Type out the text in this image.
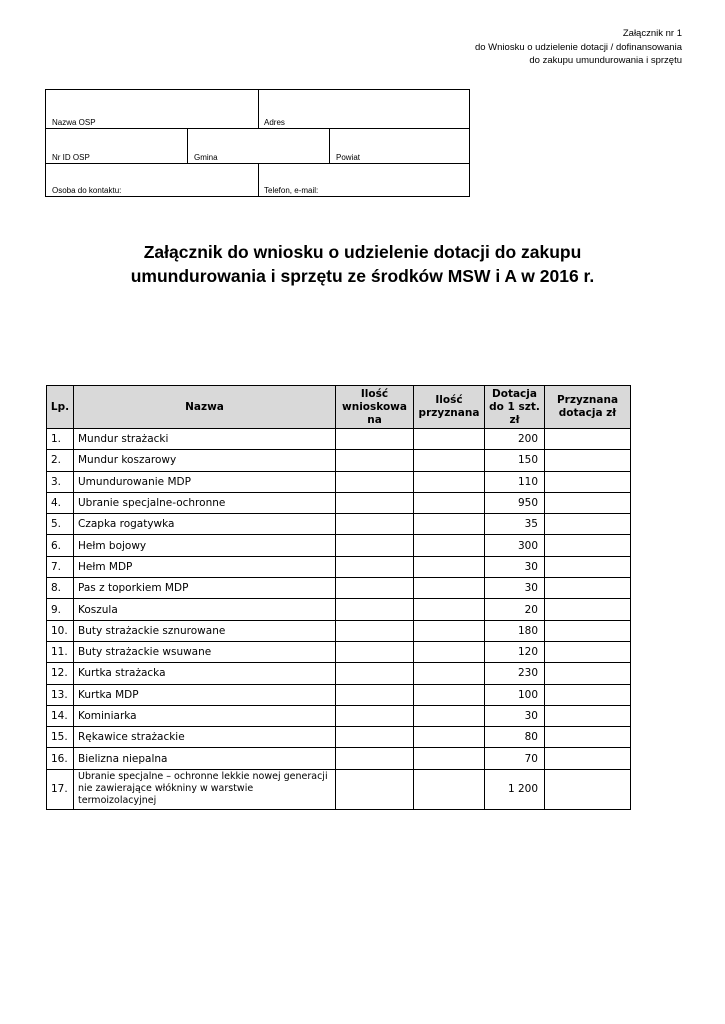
Załącznik nr 1
do Wniosku o udzielenie dotacji / dofinansowania
do zakupu umundurowania i sprzętu
Nazwa OSP	Adres
Nr ID OSP	Gmina	Powiat
Osoba do kontaktu:	Telefon, e-mail:
Załącznik do wniosku o udzielenie dotacji do zakupu
umundurowania i sprzętu ze środków MSW i A w 2016 r.
Lp.	Nazwa	Ilość wnioskowa na	Ilość przyznana	Dotacja do 1 szt. zł	Przyznana dotacja zł
1.	Mundur strażacki			200	
2.	Mundur koszarowy			150	
3.	Umundurowanie MDP			110	
4.	Ubranie specjalne-ochronne			950	
5.	Czapka rogatywka			35	
6.	Hełm bojowy			300	
7.	Hełm MDP			30	
8.	Pas z toporkiem MDP			30	
9.	Koszula			20	
10.	Buty strażackie sznurowane			180	
11.	Buty strażackie wsuwane			120	
12.	Kurtka strażacka			230	
13.	Kurtka MDP			100	
14.	Kominiarka			30	
15.	Rękawice strażackie			80	
16.	Bielizna niepalna			70	
17.	Ubranie specjalne – ochronne lekkie nowej generacji nie zawierające włókniny w warstwie termoizolacyjnej			1 200	
